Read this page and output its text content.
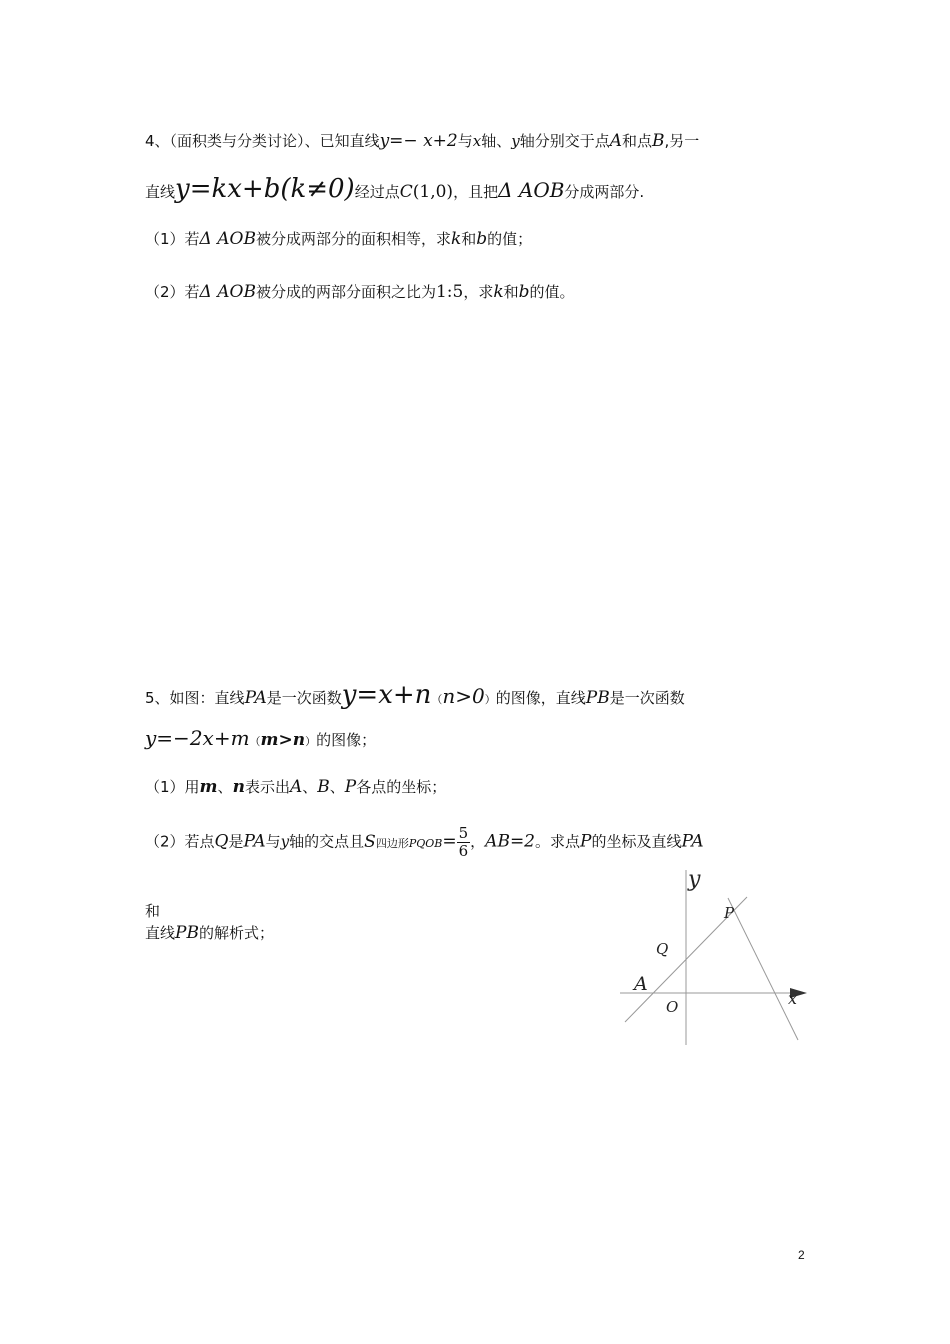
4、（面积类与分类讨论）、已知直线y=− x+2与x轴、y轴分别交于点A和点B,另一
直线y=kx+b(k≠0)经过点C(1,0)，且把Δ AOB分成两部分.
（1）若Δ AOB被分成两部分的面积相等，求k和b的值；
（2）若Δ AOB被分成的两部分面积之比为1:5，求k和b的值。
5、如图：直线PA是一次函数y=x+n（n>0）的图像，直线PB是一次函数
y=−2x+m（m>n）的图像；
（1）用m、n表示出A、B、P各点的坐标；
（2）若点Q是PA与y轴的交点且S四边形PQOB= $\frac{5}{6}$ ，AB=2。求点P的坐标及直线PA
和
直线PB的解析式；
y
x
P
Q
A
O
2
